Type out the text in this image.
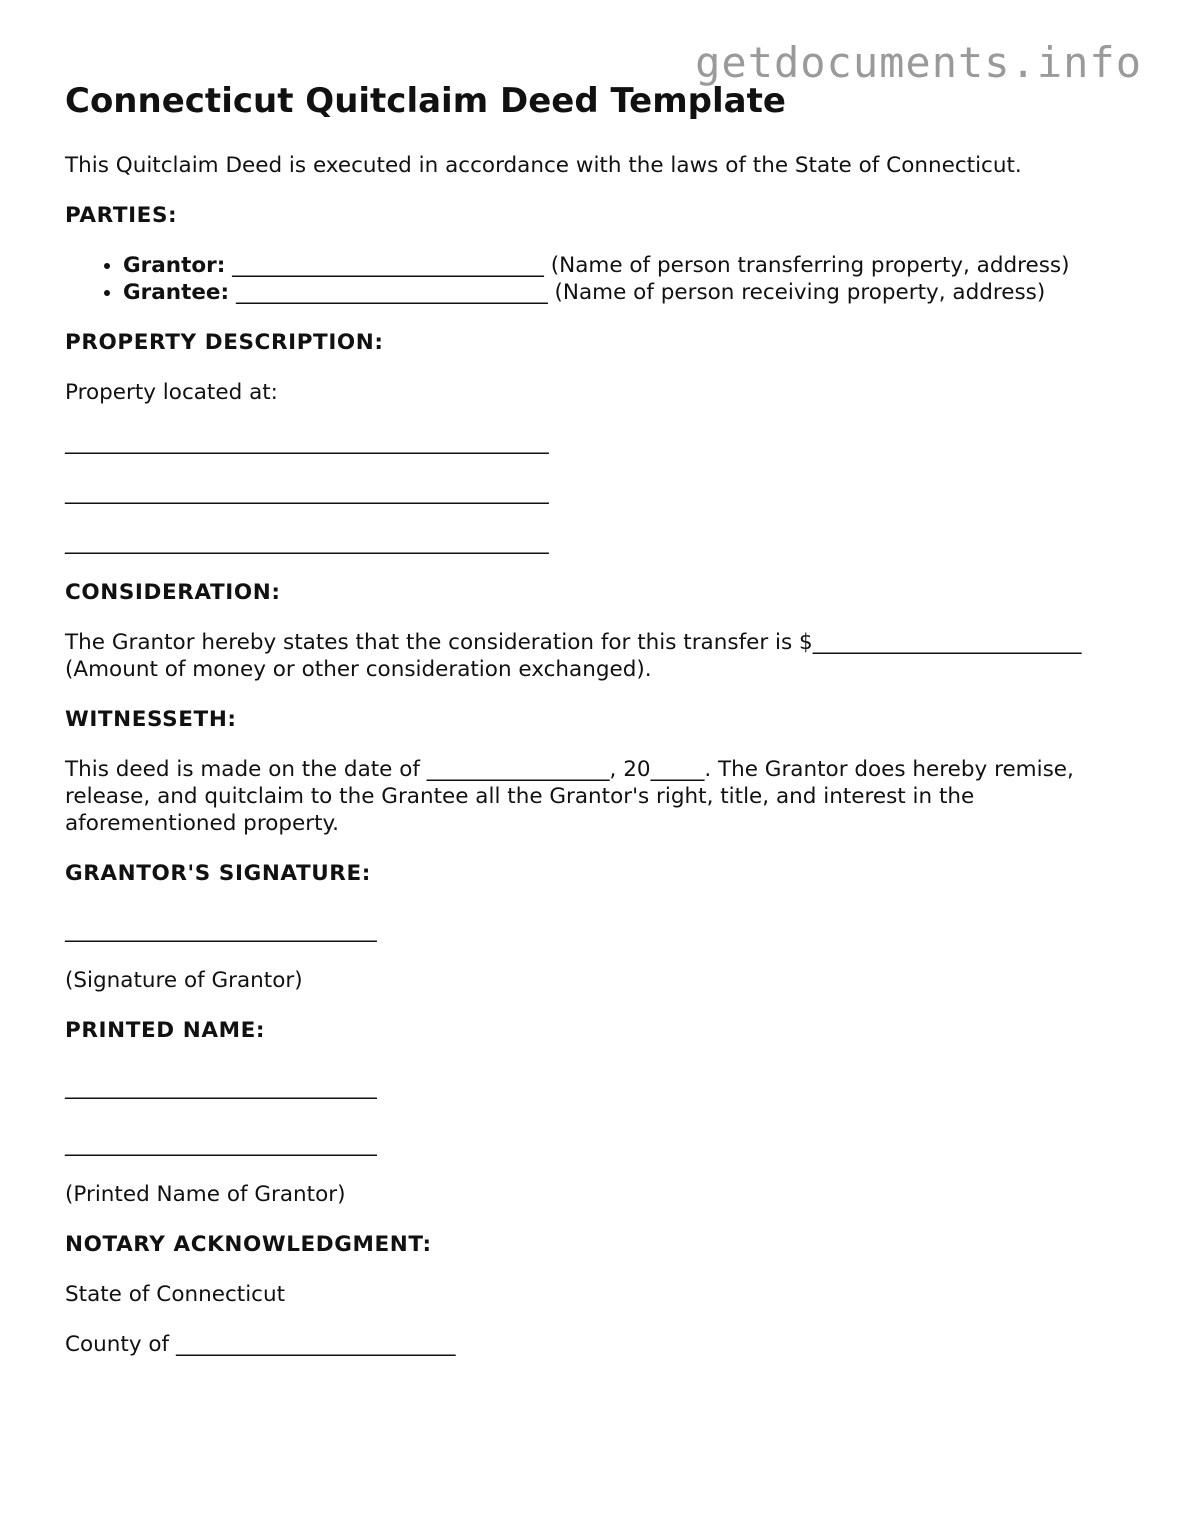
getdocuments.info
Connecticut Quitclaim Deed Template

This Quitclaim Deed is executed in accordance with the laws of the State of Connecticut.

PARTIES:
• Grantor: _____________________________ (Name of person transferring property, address)
• Grantee: _____________________________ (Name of person receiving property, address)
PROPERTY DESCRIPTION:

Property located at:

_____________________________________________

_____________________________________________

_____________________________________________

CONSIDERATION:

The Grantor hereby states that the consideration for this transfer is $_________________________ (Amount of money or other consideration exchanged).

WITNESSETH:

This deed is made on the date of _________________, 20_____. The Grantor does hereby remise, release, and quitclaim to the Grantee all the Grantor's right, title, and interest in the aforementioned property.

GRANTOR'S SIGNATURE:

_____________________________

(Signature of Grantor)

PRINTED NAME:

_____________________________

_____________________________

(Printed Name of Grantor)

NOTARY ACKNOWLEDGMENT:

State of Connecticut

County of __________________________
